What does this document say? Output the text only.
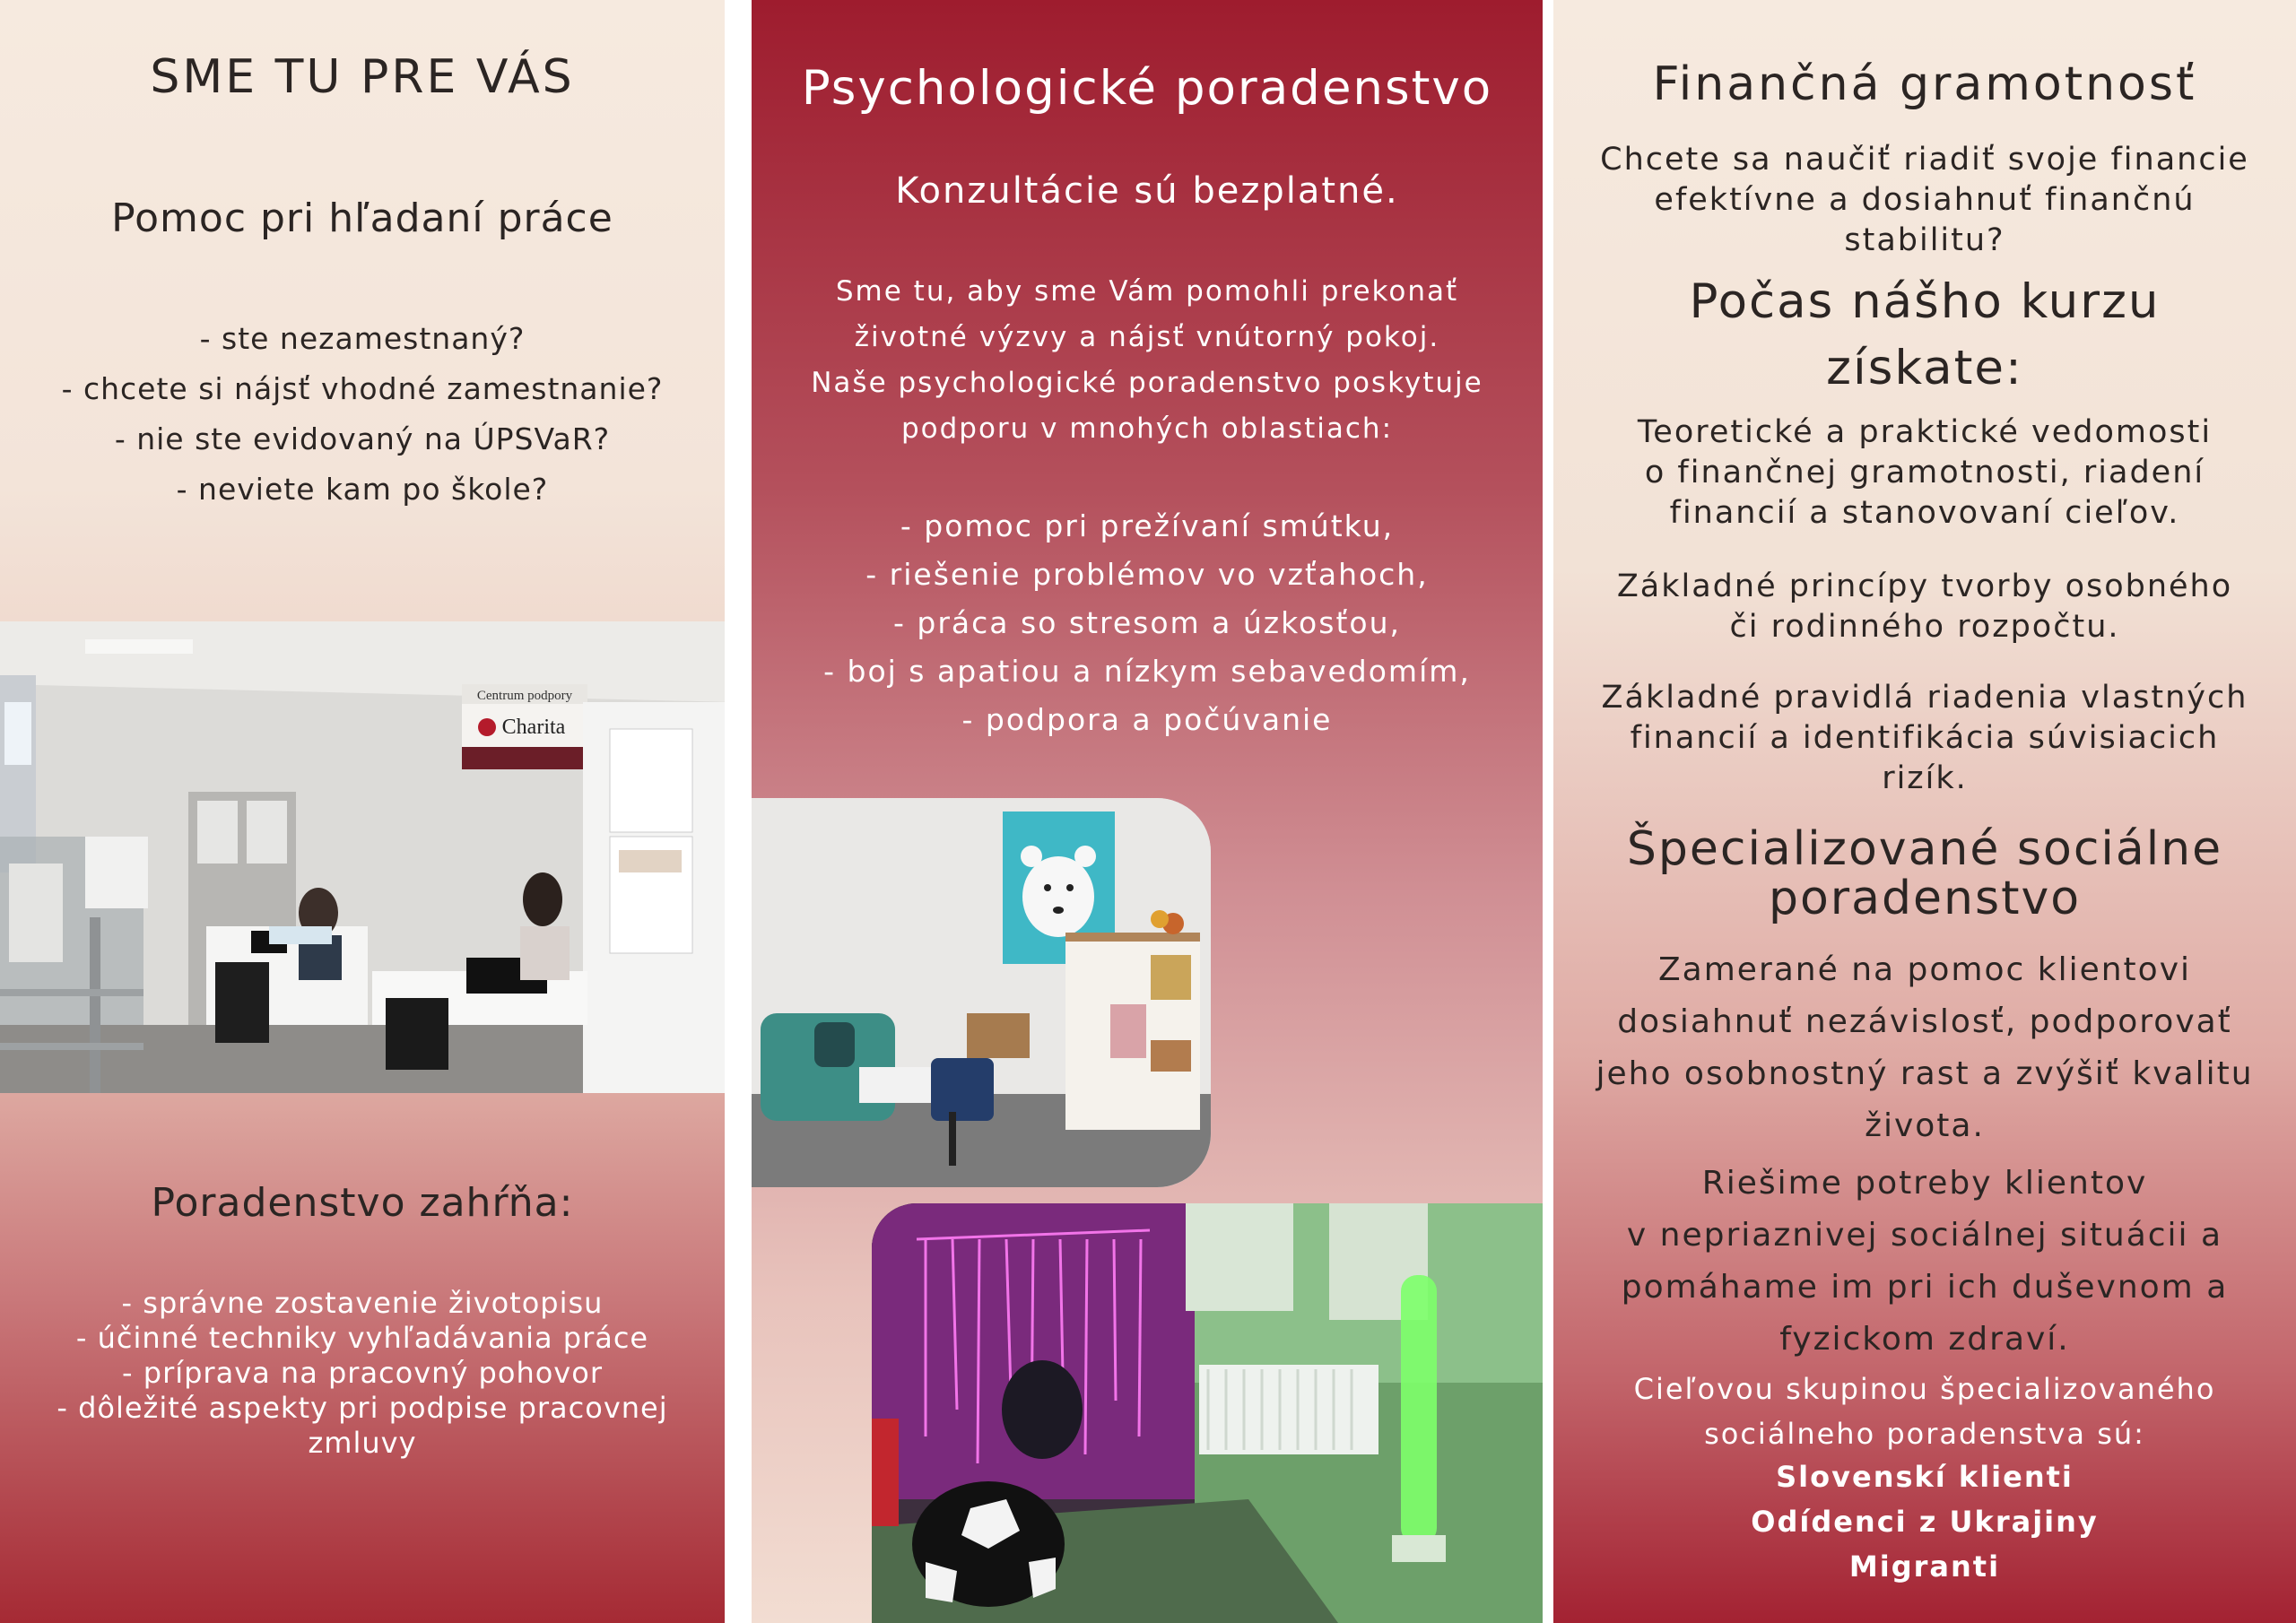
SME TU PRE VÁS
Pomoc pri hľadaní práce
- ste nezamestnaný?
- chcete si nájsť vhodné zamestnanie?
- nie ste evidovaný na ÚPSVaR?
- neviete kam po škole?
Centrum podpory
Charita
Poradenstvo zahŕňa:
- správne zostavenie životopisu
- účinné techniky vyhľadávania práce
- príprava na pracovný pohovor
- dôležité aspekty pri podpise pracovnej
zmluvy
Psychologické poradenstvo
Konzultácie sú bezplatné.
Sme tu, aby sme Vám pomohli prekonať
životné výzvy a nájsť vnútorný pokoj.
Naše psychologické poradenstvo poskytuje
podporu v mnohých oblastiach:
- pomoc pri prežívaní smútku,
- riešenie problémov vo vzťahoch,
- práca so stresom a úzkosťou,
- boj s apatiou a nízkym sebavedomím,
- podpora a počúvanie
Finančná gramotnosť
Chcete sa naučiť riadiť svoje financie
efektívne a dosiahnuť finančnú
stabilitu?
Počas nášho kurzu
získate:
Teoretické a praktické vedomosti
o finančnej gramotnosti, riadení
financií a stanovovaní cieľov.
Základné princípy tvorby osobného
či rodinného rozpočtu.
Základné pravidlá riadenia vlastných
financií a identifikácia súvisiacich
rizík.
Špecializované sociálne
poradenstvo
Zamerané na pomoc klientovi
dosiahnuť nezávislosť, podporovať
jeho osobnostný rast a zvýšiť kvalitu
života.
Riešime potreby klientov
v nepriaznivej sociálnej situácii a
pomáhame im pri ich duševnom a
fyzickom zdraví.
Cieľovou skupinou špecializovaného
sociálneho poradenstva sú:
Slovenskí klienti
Odídenci z Ukrajiny
Migranti
